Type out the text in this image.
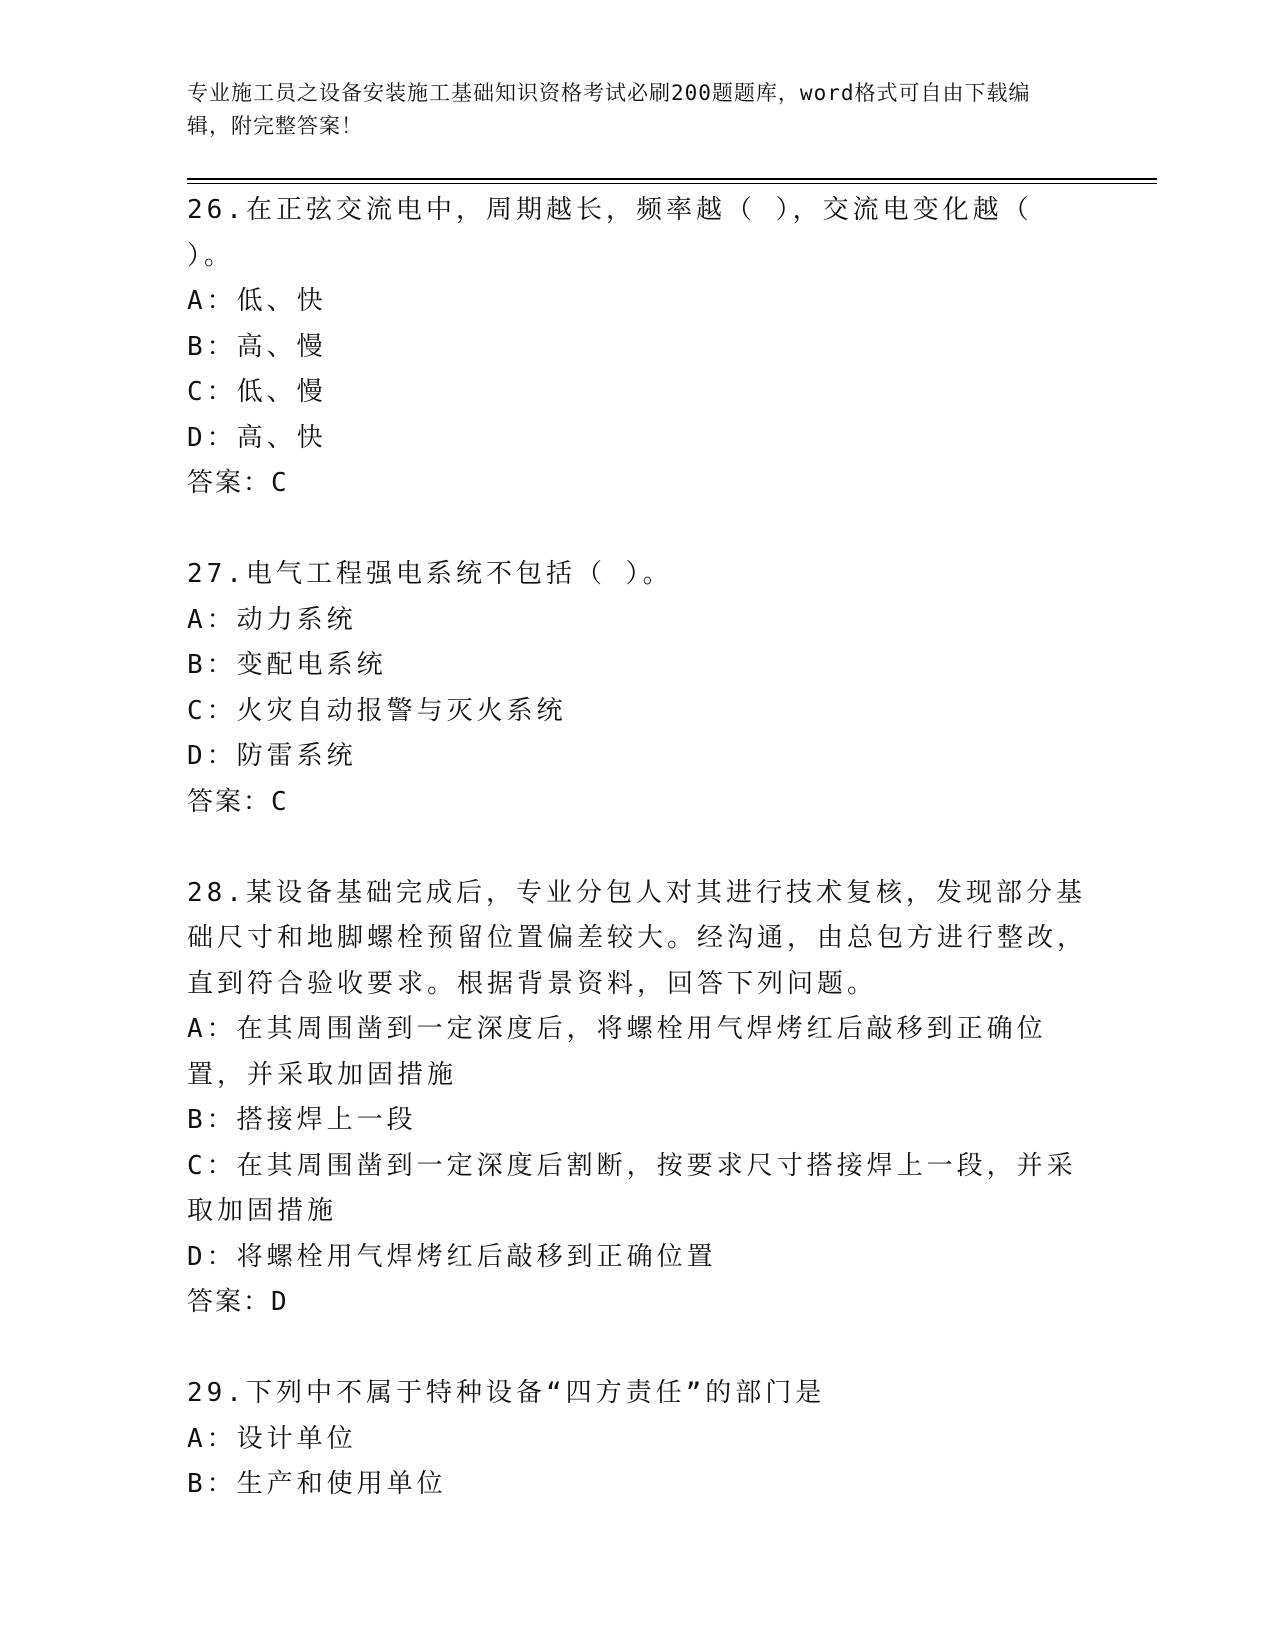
专业施工员之设备安装施工基础知识资格考试必刷200题题库，word格式可自由下载编辑，附完整答案！
26.在正弦交流电中，周期越长，频率越（ ），交流电变化越（ ）。
A：低、快
B：高、慢
C：低、慢
D：高、快
答案：C
27.电气工程强电系统不包括（ ）。
A：动力系统
B：变配电系统
C：火灾自动报警与灭火系统
D：防雷系统
答案：C
28.某设备基础完成后，专业分包人对其进行技术复核，发现部分基础尺寸和地脚螺栓预留位置偏差较大。经沟通，由总包方进行整改，直到符合验收要求。根据背景资料，回答下列问题。
A：在其周围凿到一定深度后，将螺栓用气焊烤红后敲移到正确位置，并采取加固措施
B：搭接焊上一段
C：在其周围凿到一定深度后割断，按要求尺寸搭接焊上一段，并采取加固措施
D：将螺栓用气焊烤红后敲移到正确位置
答案：D
29.下列中不属于特种设备“四方责任”的部门是
A：设计单位
B：生产和使用单位
